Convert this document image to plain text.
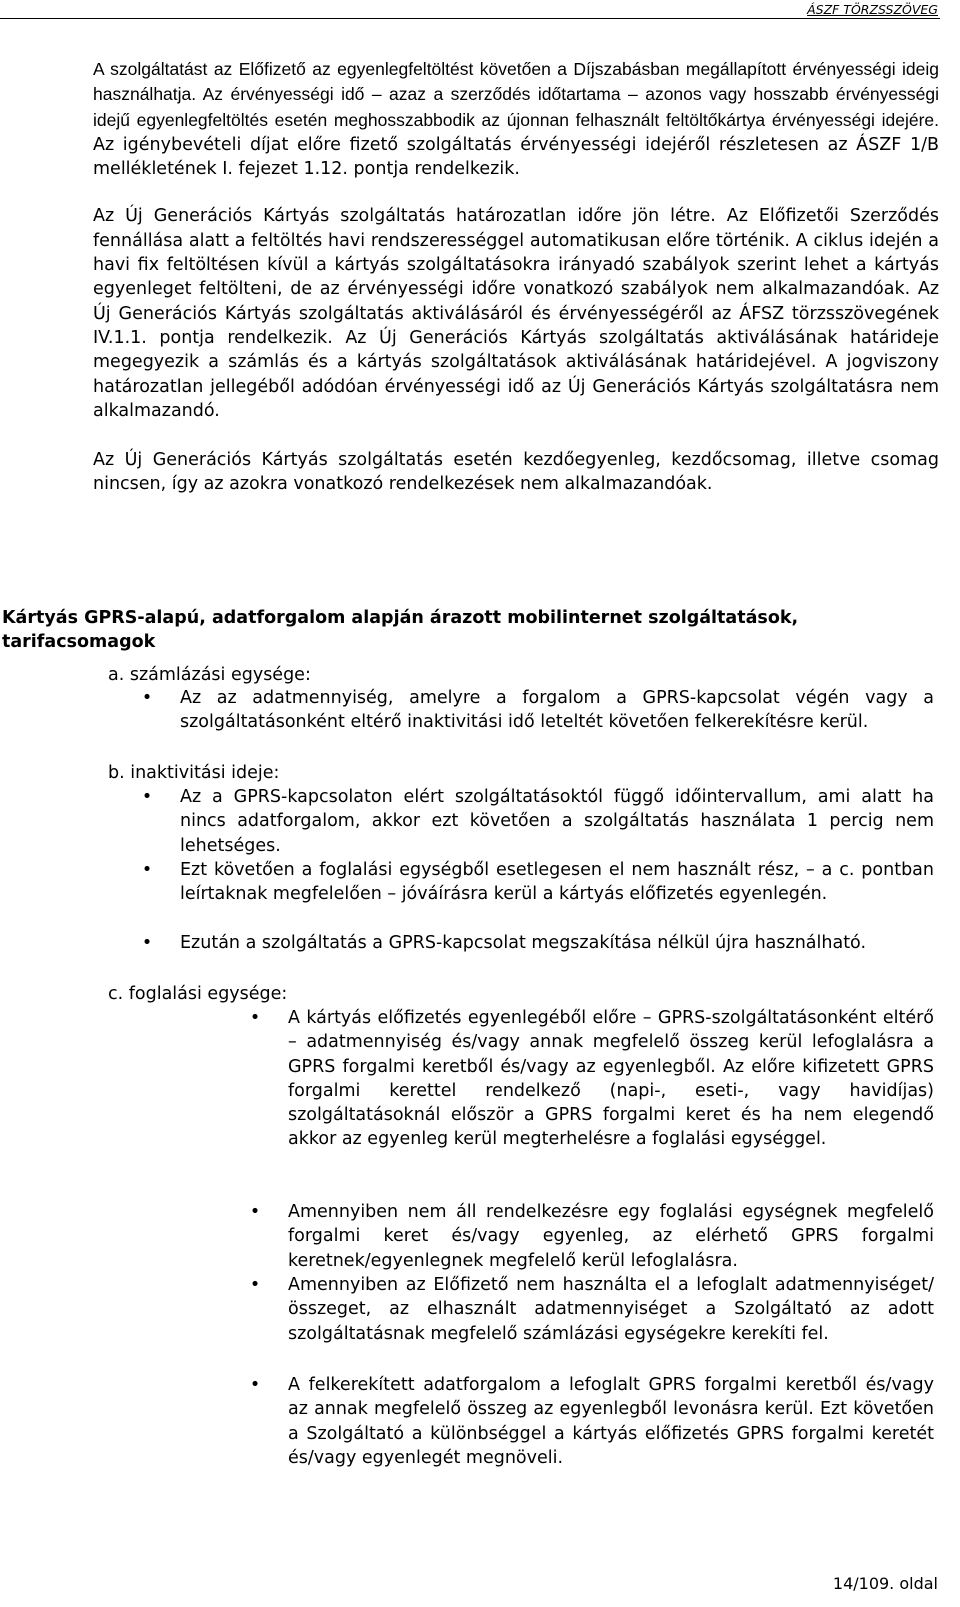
ÁSZF TÖRZSSZÖVEG

A szolgáltatást az Előfizető az egyenlegfeltöltést követően a Díjszabásban megállapított érvényességi ideig használhatja. Az érvényességi idő – azaz a szerződés időtartama – azonos vagy hosszabb érvényességi idejű egyenlegfeltöltés esetén meghosszabbodik az újonnan felhasznált feltöltőkártya érvényességi idejére. Az igénybevételi díjat előre fizető szolgáltatás érvényességi idejéről részletesen az ÁSZF 1/B mellékletének I. fejezet 1.12. pontja rendelkezik.

Az Új Generációs Kártyás szolgáltatás határozatlan időre jön létre. Az Előfizetői Szerződés fennállása alatt a feltöltés havi rendszerességgel automatikusan előre történik. A ciklus idején a havi fix feltöltésen kívül a kártyás szolgáltatásokra irányadó szabályok szerint lehet a kártyás egyenleget feltölteni, de az érvényességi időre vonatkozó szabályok nem alkalmazandóak. Az Új Generációs Kártyás szolgáltatás aktiválásáról és érvényességéről az ÁFSZ törzsszövegének IV.1.1. pontja rendelkezik. Az Új Generációs Kártyás szolgáltatás aktiválásának határideje megegyezik a számlás és a kártyás szolgáltatások aktiválásának határidejével. A jogviszony határozatlan jellegéből adódóan érvényességi idő az Új Generációs Kártyás szolgáltatásra nem alkalmazandó.

Az Új Generációs Kártyás szolgáltatás esetén kezdőegyenleg, kezdőcsomag, illetve csomag nincsen, így az azokra vonatkozó rendelkezések nem alkalmazandóak.

Kártyás GPRS-alapú, adatforgalom alapján árazott mobilinternet szolgáltatások, tarifacsomagok
a. számlázási egysége:
• Az az adatmennyiség, amelyre a forgalom a GPRS-kapcsolat végén vagy a szolgáltatásonként eltérő inaktivitási idő leteltét követően felkerekítésre kerül.
b. inaktivitási ideje:
• Az a GPRS-kapcsolaton elért szolgáltatásoktól függő időintervallum, ami alatt ha nincs adatforgalom, akkor ezt követően a szolgáltatás használata 1 percig nem lehetséges.
• Ezt követően a foglalási egységből esetlegesen el nem használt rész, – a c. pontban leírtaknak megfelelően – jóváírásra kerül a kártyás előfizetés egyenlegén.
• Ezután a szolgáltatás a GPRS-kapcsolat megszakítása nélkül újra használható.
c. foglalási egysége:
• A kártyás előfizetés egyenlegéből előre – GPRS-szolgáltatásonként eltérő – adatmennyiség és/vagy annak megfelelő összeg kerül lefoglalásra a GPRS forgalmi keretből és/vagy az egyenlegből. Az előre kifizetett GPRS forgalmi kerettel rendelkező (napi-, eseti-, vagy havidíjas) szolgáltatásoknál először a GPRS forgalmi keret és ha nem elegendő akkor az egyenleg kerül megterhelésre a foglalási egységgel.
• Amennyiben nem áll rendelkezésre egy foglalási egységnek megfelelő forgalmi keret és/vagy egyenleg, az elérhető GPRS forgalmi keretnek/egyenlegnek megfelelő kerül lefoglalásra.
• Amennyiben az Előfizető nem használta el a lefoglalt adatmennyiséget/összeget, az elhasznált adatmennyiséget a Szolgáltató az adott szolgáltatásnak megfelelő számlázási egységekre kerekíti fel.
• A felkerekített adatforgalom a lefoglalt GPRS forgalmi keretből és/vagy az annak megfelelő összeg az egyenlegből levonásra kerül. Ezt követően a Szolgáltató a különbséggel a kártyás előfizetés GPRS forgalmi keretét és/vagy egyenlegét megnöveli.
14/109. oldal
